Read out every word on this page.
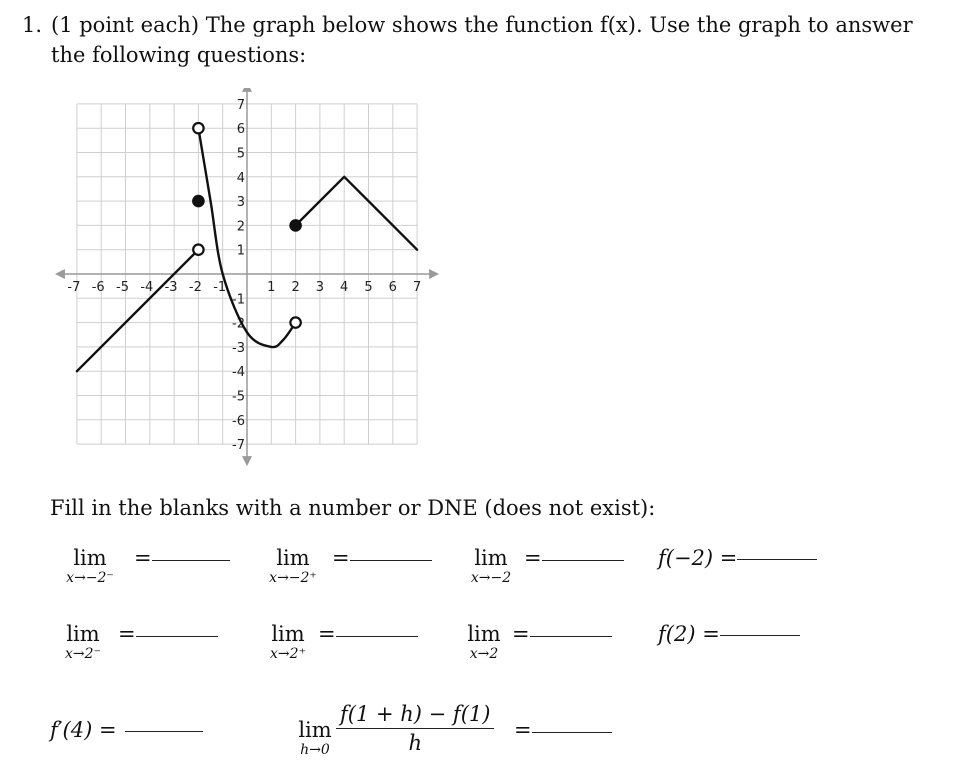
1. (1 point each) The graph below shows the function f(x). Use the graph to answer
the following questions:
-7 -6 -5 -4 -3 -2 -1	1 2 3 4 5 6 7
1
2
3
4
5
6
7
-1
-2
-3
-4
-5
-6
-7
Fill in the blanks with a number or DNE (does not exist):
lim
x→−2⁻
=	lim
x→−2⁺
=	lim
x→−2
=	f(−2) =
lim
x→2⁻
=	lim
x→2⁺
=	lim
x→2
=	f(2) =
f′(4) =	lim
h→0
f(1 + h) − f(1)
h
=
